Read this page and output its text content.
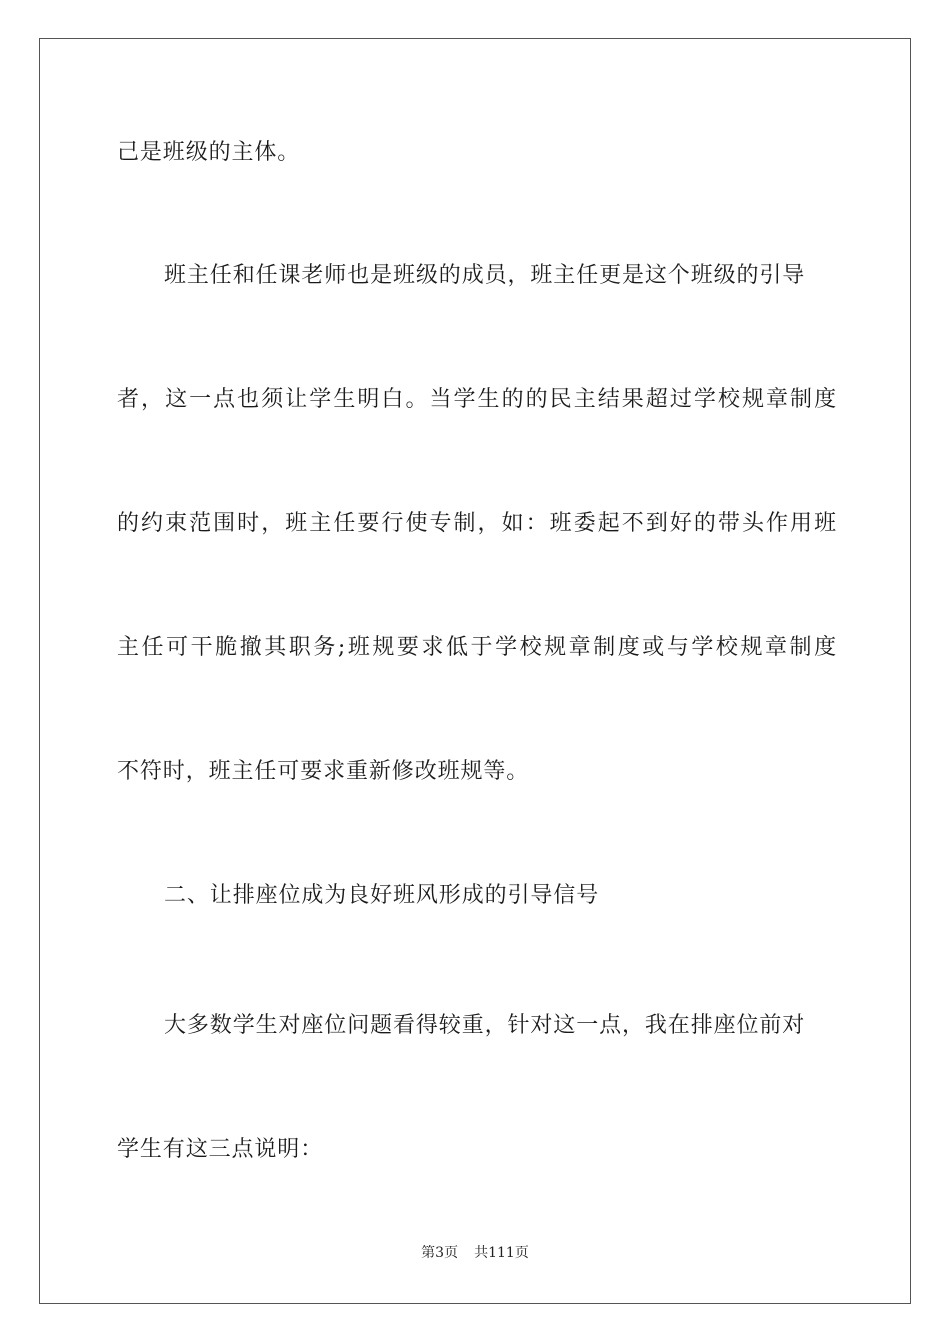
己是班级的主体。
班主任和任课老师也是班级的成员，班主任更是这个班级的引导
者，这一点也须让学生明白。当学生的的民主结果超过学校规章制度
的约束范围时，班主任要行使专制，如：班委起不到好的带头作用班
主任可干脆撤其职务;班规要求低于学校规章制度或与学校规章制度
不符时，班主任可要求重新修改班规等。
二、让排座位成为良好班风形成的引导信号
大多数学生对座位问题看得较重，针对这一点，我在排座位前对
学生有这三点说明：
第3页 共111页
